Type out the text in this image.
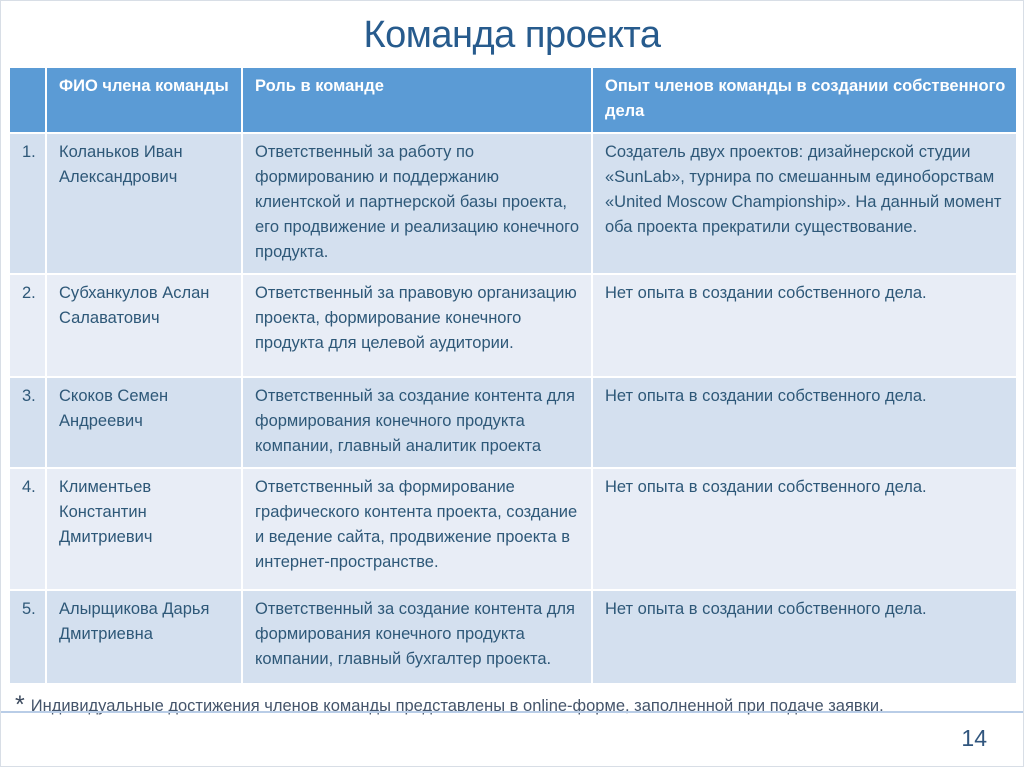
Команда проекта
	ФИО члена команды	Роль в команде	Опыт членов команды в создании собственного дела
1.	Коланьков Иван Александрович	Ответственный за работу по формированию и поддержанию клиентской и партнерской базы проекта, его продвижение и реализацию конечного продукта.	Создатель двух проектов: дизайнерской студии «SunLab», турнира по смешанным единоборствам «United Moscow Championship». На данный момент оба проекта прекратили существование.
2.	Субханкулов Аслан Салаватович	Ответственный за правовую организацию проекта, формирование конечного продукта для целевой аудитории.	Нет опыта в создании собственного дела.
3.	Скоков Семен Андреевич	Ответственный за создание контента для формирования конечного продукта компании, главный аналитик проекта	Нет опыта в создании собственного дела.
4.	Климентьев Константин Дмитриевич	Ответственный за формирование графического контента проекта, создание и ведение сайта, продвижение проекта в интернет-пространстве.	Нет опыта в создании собственного дела.
5.	Алырщикова Дарья Дмитриевна	Ответственный за создание контента для формирования конечного продукта компании, главный бухгалтер проекта.	Нет опыта в создании собственного дела.
* Индивидуальные достижения членов команды представлены в online-форме, заполненной при подаче заявки.
14
